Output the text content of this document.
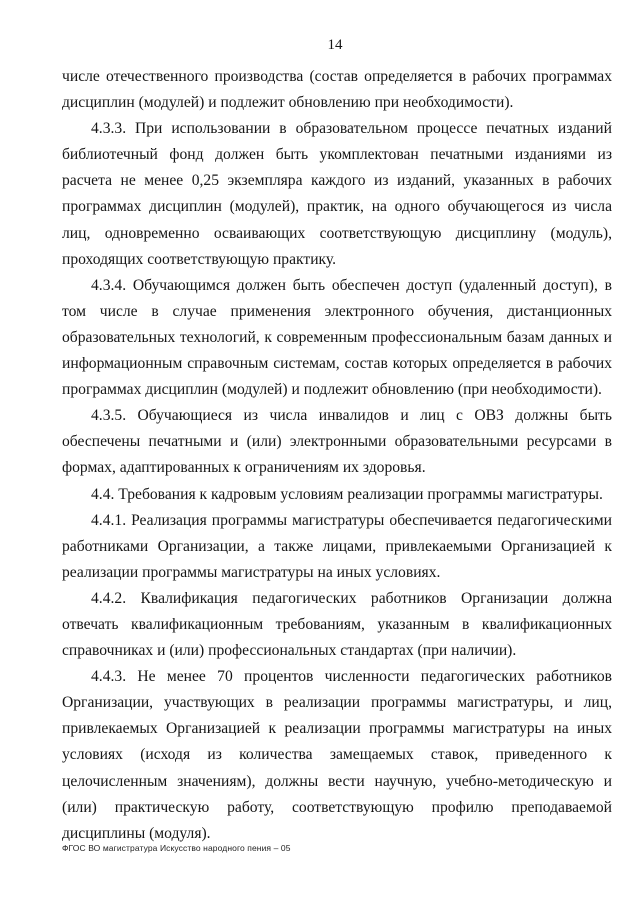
14

числе отечественного производства (состав определяется в рабочих программах дисциплин (модулей) и подлежит обновлению при необходимости).

4.3.3. При использовании в образовательном процессе печатных изданий библиотечный фонд должен быть укомплектован печатными изданиями из расчета не менее 0,25 экземпляра каждого из изданий, указанных в рабочих программах дисциплин (модулей), практик, на одного обучающегося из числа лиц, одновременно осваивающих соответствующую дисциплину (модуль), проходящих соответствующую практику.

4.3.4. Обучающимся должен быть обеспечен доступ (удаленный доступ), в том числе в случае применения электронного обучения, дистанционных образовательных технологий, к современным профессиональным базам данных и информационным справочным системам, состав которых определяется в рабочих программах дисциплин (модулей) и подлежит обновлению (при необходимости).

4.3.5. Обучающиеся из числа инвалидов и лиц с ОВЗ должны быть обеспечены печатными и (или) электронными образовательными ресурсами в формах, адаптированных к ограничениям их здоровья.

4.4. Требования к кадровым условиям реализации программы магистратуры.

4.4.1. Реализация программы магистратуры обеспечивается педагогическими работниками Организации, а также лицами, привлекаемыми Организацией к реализации программы магистратуры на иных условиях.

4.4.2. Квалификация педагогических работников Организации должна отвечать квалификационным требованиям, указанным в квалификационных справочниках и (или) профессиональных стандартах (при наличии).

4.4.3. Не менее 70 процентов численности педагогических работников Организации, участвующих в реализации программы магистратуры, и лиц, привлекаемых Организацией к реализации программы магистратуры на иных условиях (исходя из количества замещаемых ставок, приведенного к целочисленным значениям), должны вести научную, учебно-методическую и (или) практическую работу, соответствующую профилю преподаваемой дисциплины (модуля).

ФГОС ВО магистратура Искусство народного пения – 05
